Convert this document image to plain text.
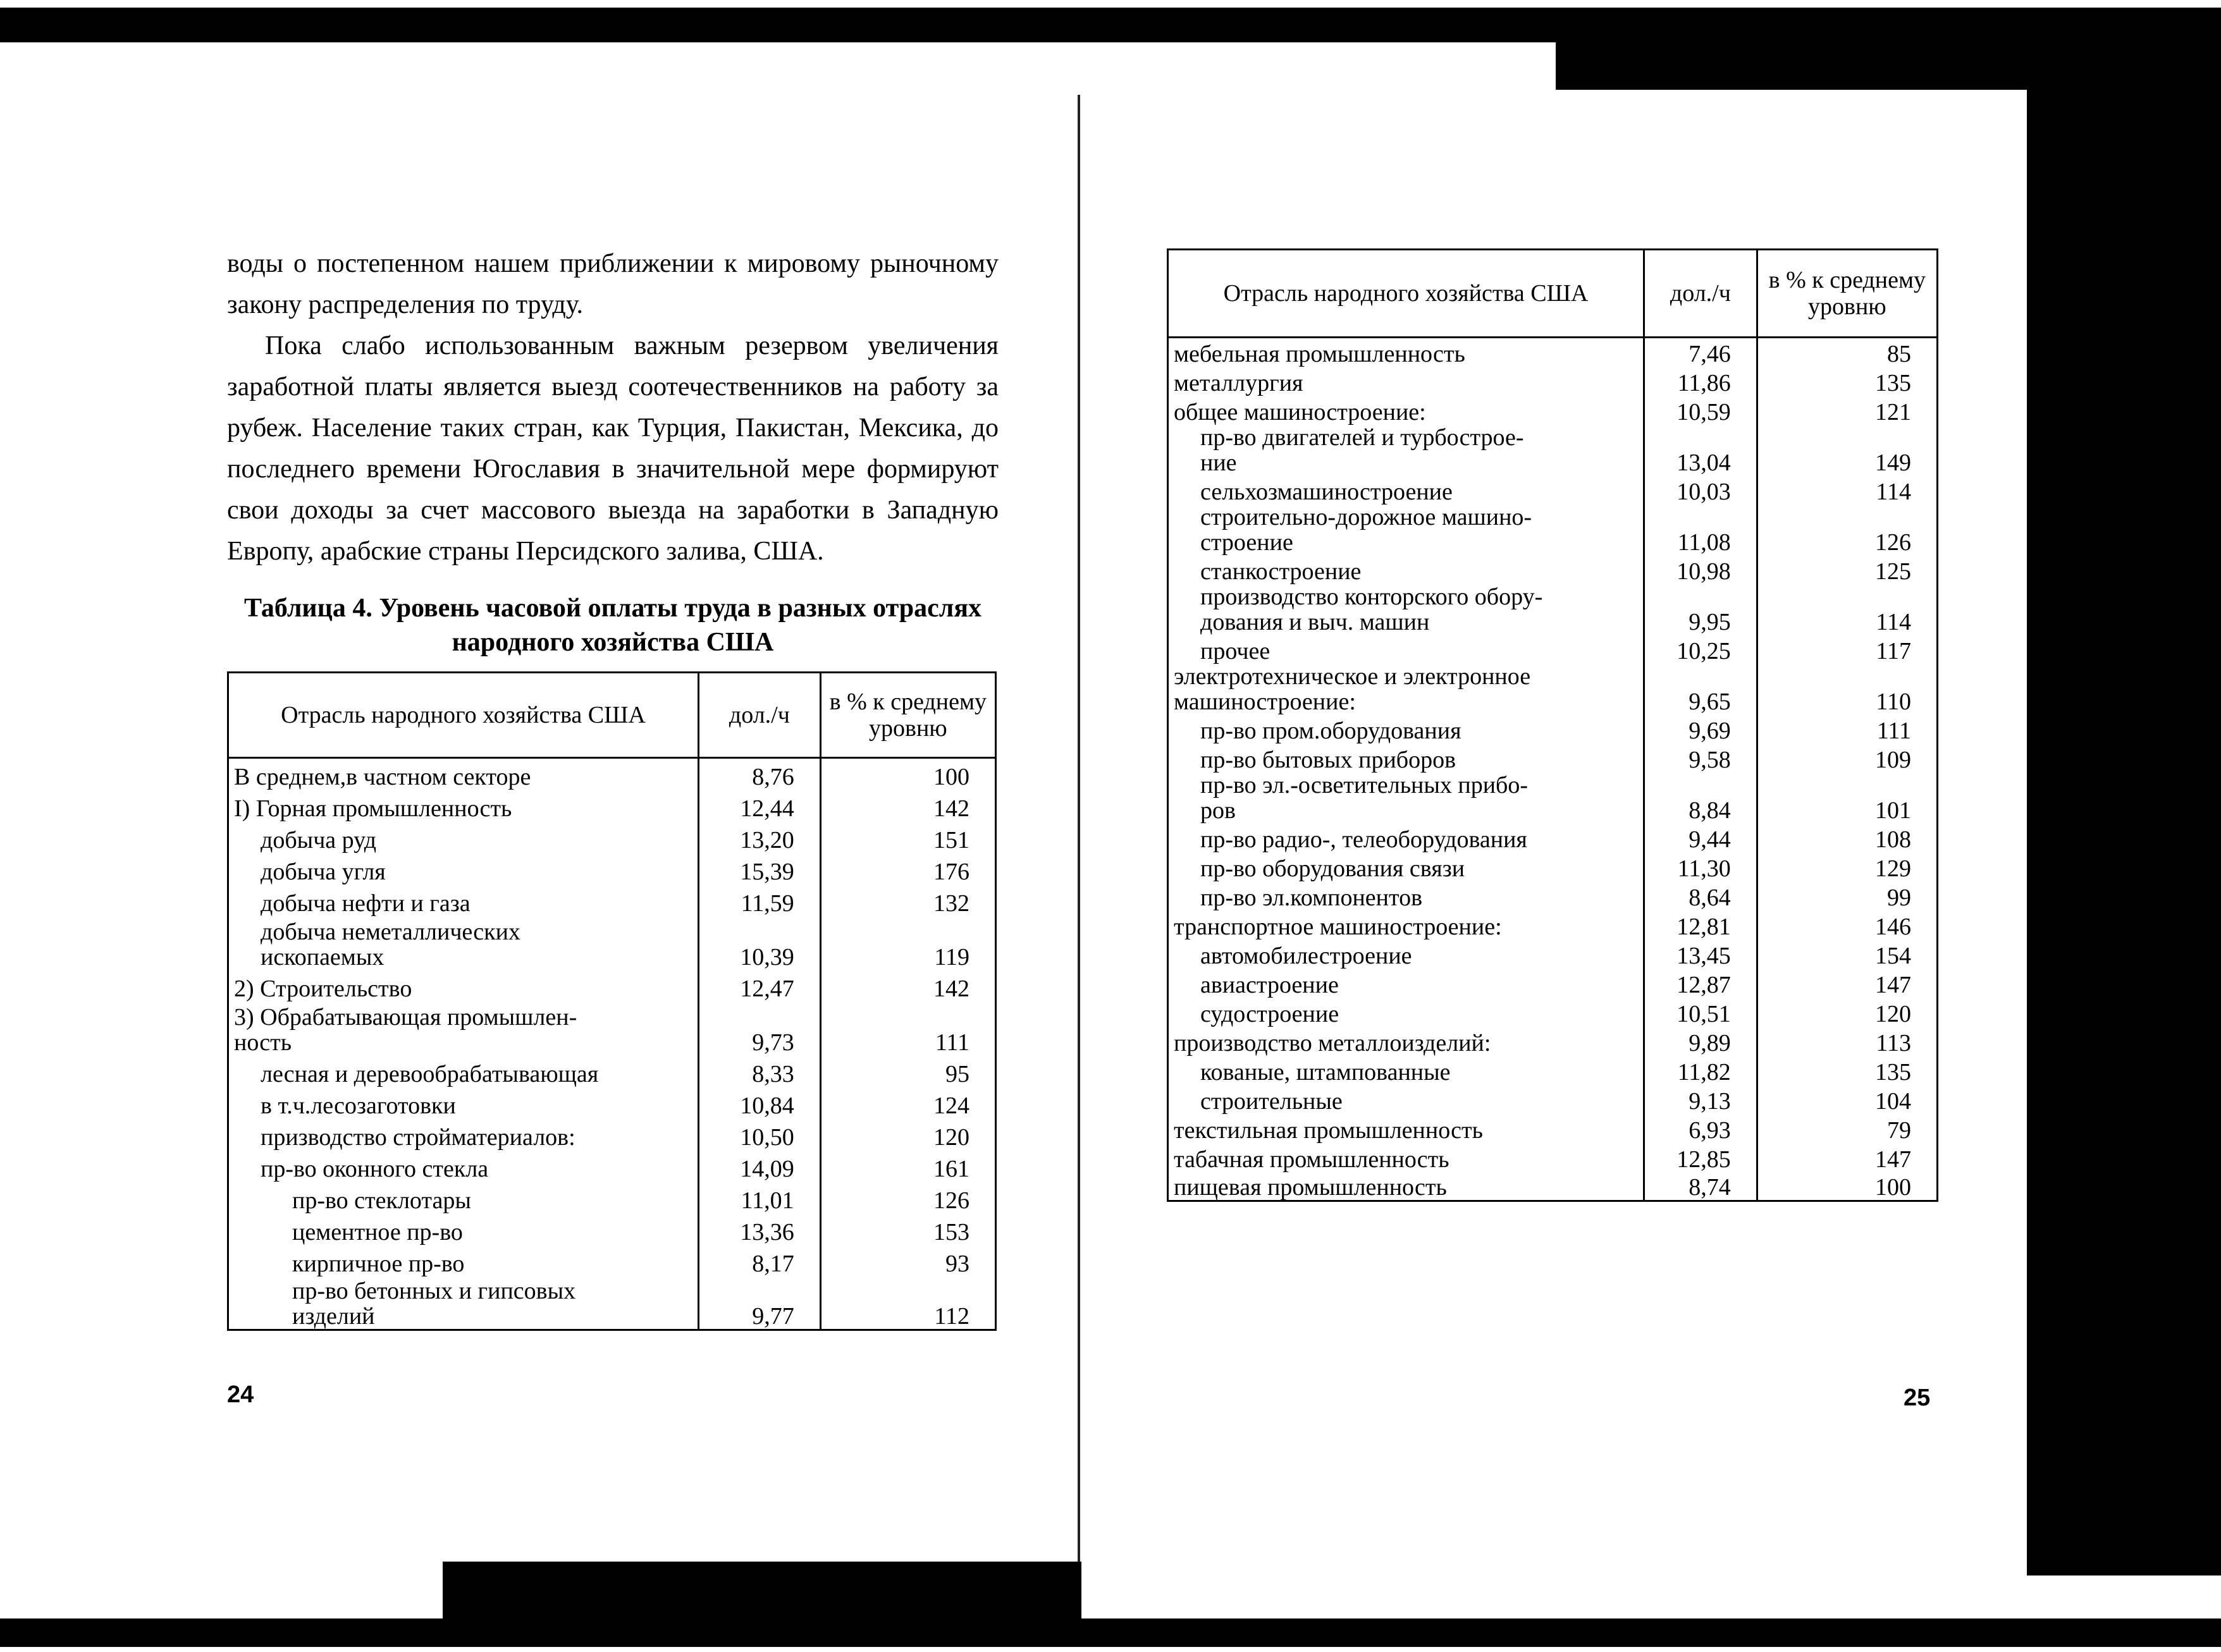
воды о постепенном нашем приближении к мировому рыночному закону распределения по труду.

Пока слабо использованным важным резервом увеличения заработной платы является выезд соотечественников на работу за рубеж. Население таких стран, как Турция, Пакистан, Мексика, до последнего времени Югославия в значительной мере формируют свои доходы за счет массового выезда на заработки в Западную Европу, арабские страны Персидского залива, США.

Таблица 4. Уровень часовой оплаты труда в разных отраслях народного хозяйства США
Отрасль народного хозяйства США	дол./ч	в % к среднему уровню
В среднем,в частном секторе	8,76	100
I) Горная промышленность	12,44	142
добыча руд	13,20	151
добыча угля	15,39	176
добыча нефти и газа	11,59	132
добыча неметаллических
ископаемых	10,39	119
2) Строительство	12,47	142
3) Обрабатывающая промышлен-
ность	9,73	111
лесная и деревообрабатывающая	8,33	95
в т.ч.лесозаготовки	10,84	124
призводство стройматериалов:	10,50	120
пр-во оконного стекла	14,09	161
пр-во стеклотары	11,01	126
цементное пр-во	13,36	153
кирпичное пр-во	8,17	93
пр-во бетонных и гипсовых
изделий	9,77	112
Отрасль народного хозяйства США	дол./ч	в % к среднему уровню
мебельная промышленность	7,46	85
металлургия	11,86	135
общее машиностроение:	10,59	121
пр-во двигателей и турбострое-
ние	13,04	149
сельхозмашиностроение	10,03	114
строительно-дорожное машино-
строение	11,08	126
станкостроение	10,98	125
производство конторского обору-
дования и выч. машин	9,95	114
прочее	10,25	117
электротехническое и электронное
машиностроение:	9,65	110
пр-во пром.оборудования	9,69	111
пр-во бытовых приборов	9,58	109
пр-во эл.-осветительных прибо-
ров	8,84	101
пр-во радио-, телеоборудования	9,44	108
пр-во оборудования связи	11,30	129
пр-во эл.компонентов	8,64	99
транспортное машиностроение:	12,81	146
автомобилестроение	13,45	154
авиастроение	12,87	147
судостроение	10,51	120
производство металлоизделий:	9,89	113
кованые, штампованные	11,82	135
строительные	9,13	104
текстильная промышленность	6,93	79
табачная промышленность	12,85	147
пищевая промышленность	8,74	100
24	25
